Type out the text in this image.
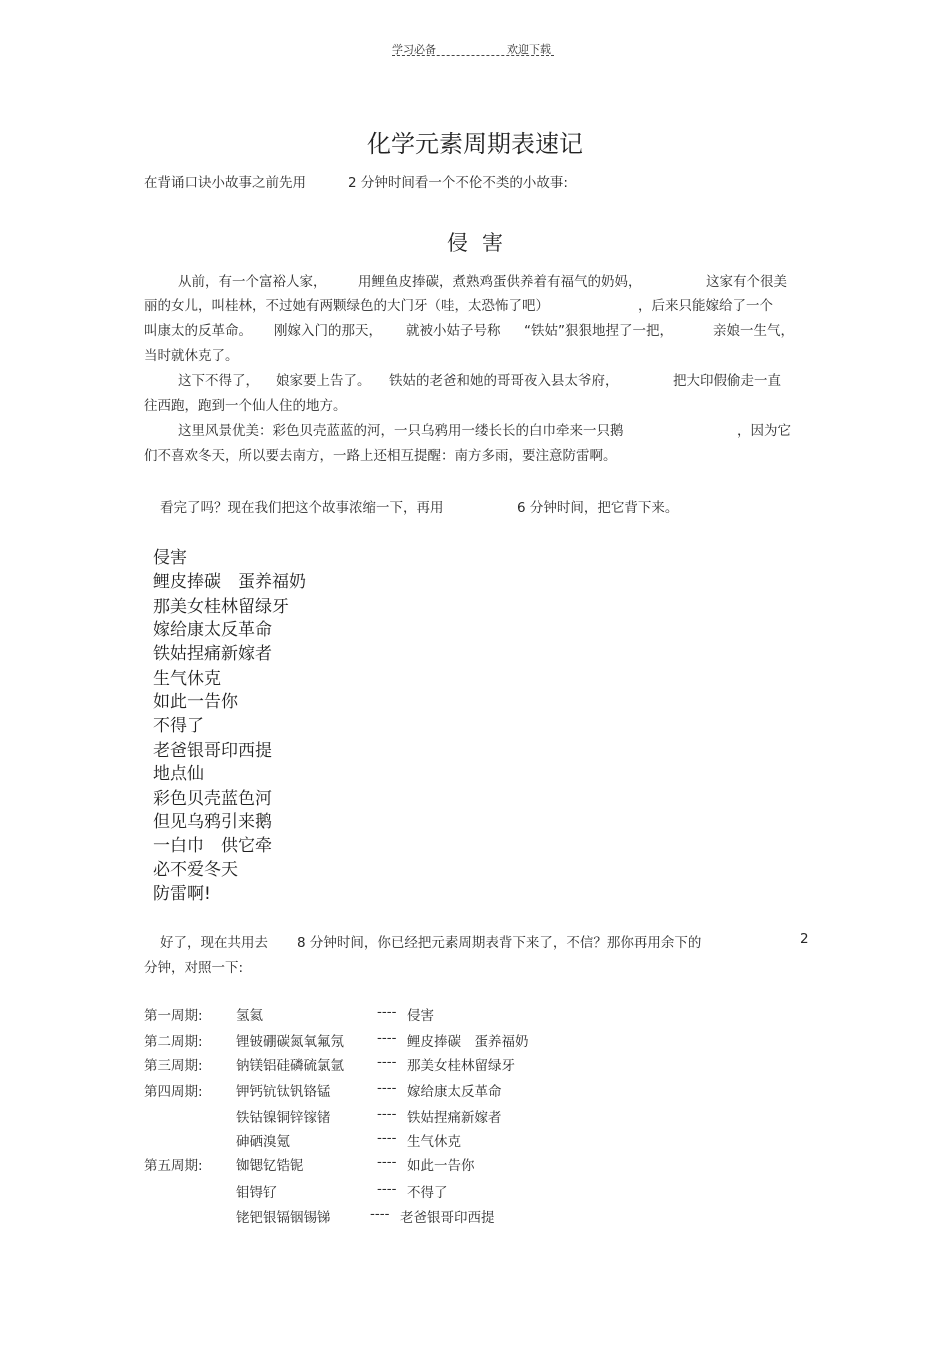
学习必备	欢迎下载
化学元素周期表速记
在背诵口诀小故事之前先用	2 分钟时间看一个不伦不类的小故事:
侵害
从前，有一个富裕人家， 用鲤鱼皮捧碳，煮熟鸡蛋供养着有福气的奶妈，	这家有个很美
丽的女儿，叫桂林，不过她有两颗绿色的大门牙（哇，太恐怖了吧）	，后来只能嫁给了一个
叫康太的反革命。 刚嫁入门的那天， 就被小姑子号称 “铁姑”狠狠地捏了一把，	亲娘一生气，
当时就休克了。
这下不得了， 娘家要上告了。 铁姑的老爸和她的哥哥夜入县太爷府，	把大印假偷走一直
往西跑，跑到一个仙人住的地方。
这里风景优美：彩色贝壳蓝蓝的河，一只乌鸦用一缕长长的白巾牵来一只鹅	，因为它
们不喜欢冬天，所以要去南方，一路上还相互提醒：南方多雨，要注意防雷啊。
看完了吗？现在我们把这个故事浓缩一下，再用	6 分钟时间，把它背下来。
侵害
鲤皮捧碳　蛋养福奶
那美女桂林留绿牙
嫁给康太反革命
铁姑捏痛新嫁者
生气休克
如此一告你
不得了
老爸银哥印西提
地点仙
彩色贝壳蓝色河
但见乌鸦引来鹅
一白巾　供它牵
必不爱冬天
防雷啊!
好了，现在共用去 8 分钟时间，你已经把元素周期表背下来了，不信？那你再用余下的	2
分钟，对照一下:
第一周期: 氢氦	---- 侵害
第二周期: 锂铍硼碳氮氧氟氖 ---- 鲤皮捧碳　蛋养福奶
第三周期: 钠镁铝硅磷硫氯氩 ---- 那美女桂林留绿牙
第四周期: 钾钙钪钛钒铬锰	---- 嫁给康太反革命
铁钴镍铜锌镓锗	---- 铁姑捏痛新嫁者
砷硒溴氪	---- 生气休克
第五周期: 铷锶钇锆铌	---- 如此一告你
钼锝钌	---- 不得了
铑钯银镉铟锡锑	---- 老爸银哥印西提
